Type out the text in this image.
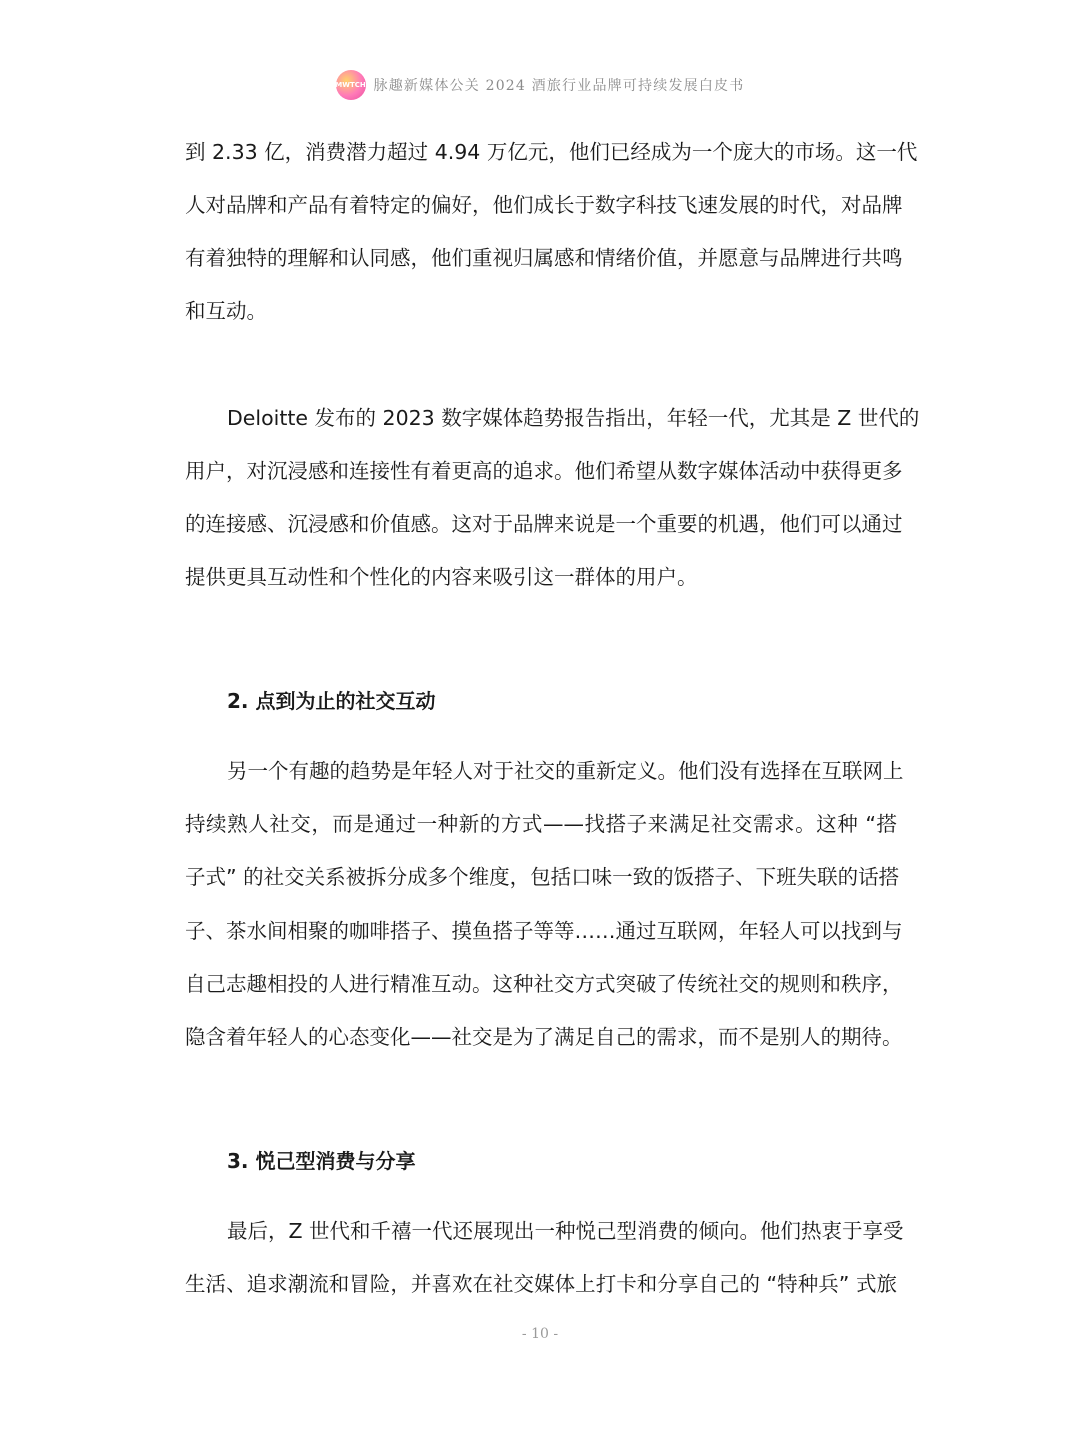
MWTCH 脉趣新媒体公关 2024 酒旅行业品牌可持续发展白皮书
到 2.33 亿，消费潜力超过 4.94 万亿元，他们已经成为一个庞大的市场。这一代
人对品牌和产品有着特定的偏好，他们成长于数字科技飞速发展的时代，对品牌
有着独特的理解和认同感，他们重视归属感和情绪价值，并愿意与品牌进行共鸣
和互动。
Deloitte 发布的 2023 数字媒体趋势报告指出，年轻一代，尤其是 Z 世代的
用户，对沉浸感和连接性有着更高的追求。他们希望从数字媒体活动中获得更多
的连接感、沉浸感和价值感。这对于品牌来说是一个重要的机遇，他们可以通过
提供更具互动性和个性化的内容来吸引这一群体的用户。
2. 点到为止的社交互动
另一个有趣的趋势是年轻人对于社交的重新定义。他们没有选择在互联网上
持续熟人社交，而是通过一种新的方式——找搭子来满足社交需求。这种 “搭
子式” 的社交关系被拆分成多个维度，包括口味一致的饭搭子、下班失联的话搭
子、茶水间相聚的咖啡搭子、摸鱼搭子等等……通过互联网，年轻人可以找到与
自己志趣相投的人进行精准互动。这种社交方式突破了传统社交的规则和秩序，
隐含着年轻人的心态变化——社交是为了满足自己的需求，而不是别人的期待。
3. 悦己型消费与分享
最后，Z 世代和千禧一代还展现出一种悦己型消费的倾向。他们热衷于享受
生活、追求潮流和冒险，并喜欢在社交媒体上打卡和分享自己的 “特种兵” 式旅
- 10 -
